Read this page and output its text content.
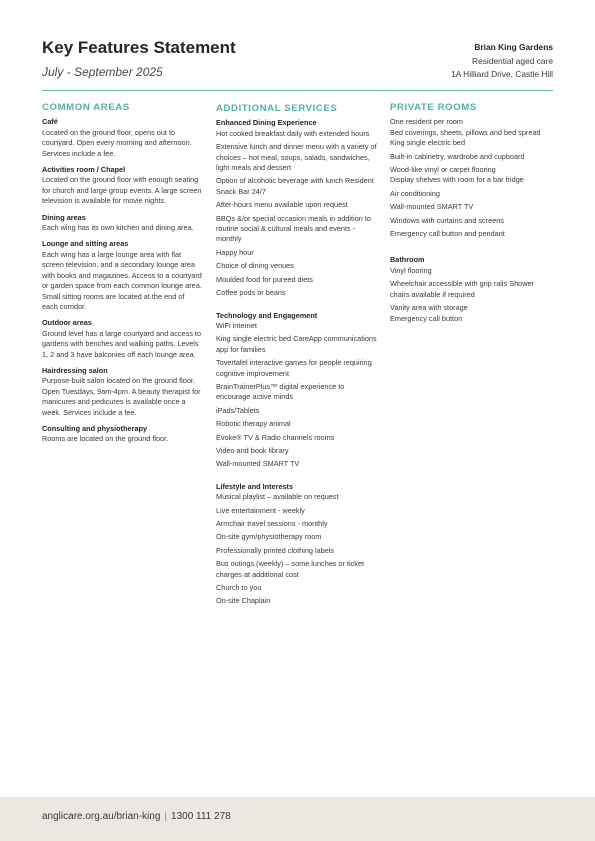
Key Features Statement
July - September 2025
Brian King Gardens
Residential aged care
1A Hilliard Drive, Castle Hill
COMMON AREAS
Café
Located on the ground floor, opens out to courtyard. Open every morning and afternoon. Services include a fee.
Activities room / Chapel
Located on the ground floor with enough seating for church and large group events. A large screen television is available for movie nights.
Dining areas
Each wing has its own kitchen and dining area.
Lounge and sitting areas
Each wing has a large lounge area with flat screen television, and a secondary lounge area with books and magazines. Access to a courtyard or garden space from each common lounge area. Small sitting rooms are located at the end of each corridor.
Outdoor areas
Ground level has a large courtyard and access to gardens with benches and walking paths. Levels 1, 2 and 3 have balconies off each lounge area.
Hairdressing salon
Purpose-built salon located on the ground floor. Open Tuesdays, 9am-4pm. A beauty therapist for manicures and pedicures is available once a week. Services include a fee.
Consulting and physiotherapy
Rooms are located on the ground floor.
ADDITIONAL SERVICES
Enhanced Dining Experience
Hot cooked breakfast daily with extended hours
Extensive lunch and dinner menu with a variety of choices – hot meal, soups, salads, sandwiches, light meals and dessert
Option of alcoholic beverage with lunch Resident Snack Bar 24/7
After-hours menu available upon request
BBQs &/or special occasion meals in addition to routine social & cultural meals and events - monthly
Happy hour
Choice of dining venues
Moulded food for pureed diets
Coffee pods or beans
Technology and Engagement
WiFi internet
King single electric bed CareApp communications app for families
Tovertafel interactive games for people requiring cognitive improvement
BrainTrainerPlus™ digital experience to encourage active minds
iPads/Tablets
Robotic therapy animal
Evoke® TV & Radio channels rooms
Video and book library
Wall-mounted SMART TV
Lifestyle and Interests
Musical playlist – available on request
Live entertainment - weekly
Armchair travel sessions - monthly
On-site gym/physiotherapy room
Professionally printed clothing labels
Bus outings (weekly) – some lunches or ticket charges at additional cost
Church to you
On-site Chaplain
PRIVATE ROOMS
One resident per room
Bed coverings, sheets, pillows and bed spread
King single electric bed
Built-in cabinetry, wardrobe and cupboard
Wood-like vinyl or carpet flooring
Display shelves with room for a bar fridge
Air conditioning
Wall-mounted SMART TV
Windows with curtains and screens
Emergency call button and pendant
Bathroom
Vinyl flooring
Wheelchair accessible with grip rails Shower chairs available if required
Vanity area with storage
Emergency call button
anglicare.org.au/brian-king | 1300 111 278
